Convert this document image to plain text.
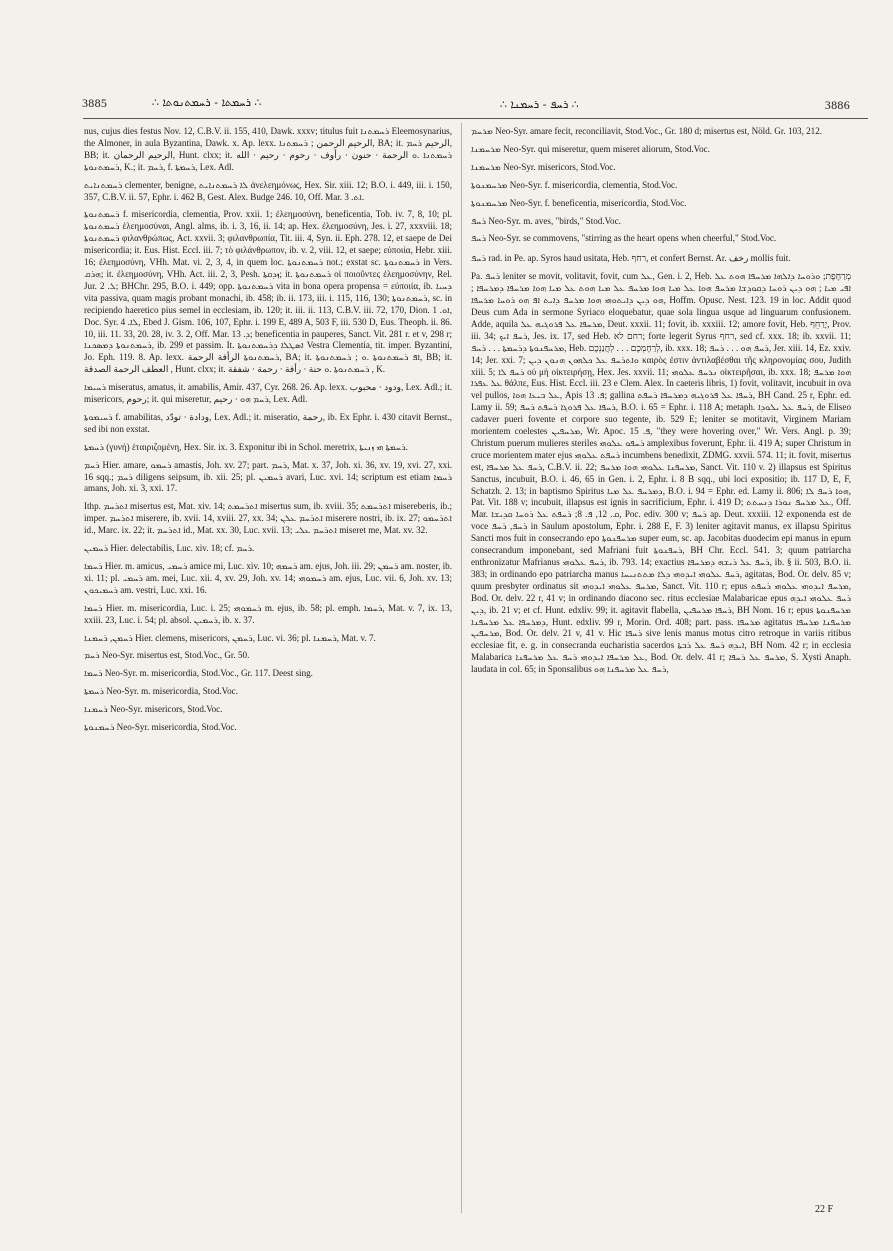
3885	∴ ܪܚܡܬܐ - ܪܚܡܬܢܘܬܐ ∴	∴ ܪܚܦ - ܪܚܡܢܐ ∴	3886

nus, cujus dies festus Nov. 12, C.B.V. ii. 155, 410, Dawk. xxxv; titulus fuit ܪܚܡܬܢܐ Eleemosynarius, the Almoner, in aula Byzantina, Dawk. x. Ap. lexx. الرحيم الرحمن ; ܪܚܡܬܢܐ, BA; it. الرحيم ܪܚܡ, BB; it. الرحيم الرحمان, Hunt. clxx; it. ܪܚܡܬܢܐ .ܘ الرحمة · حنون · رأوف · رحوم · رحيم · الله ܪܚܡܬܢܘܬܐ, K.; it. ܪܚܡ, f. ܪܚܡܬܐ, Lex. Adl.

ܪܚܡܬܢܐܝܬ clementer, benigne, ܠܐ ܪܚܡܬܢܐܝܬ ἀνελεημόνως, Hex. Sir. xiii. 12; B.O. i. 449, iii. i. 150, 357, C.B.V. ii. 57, Ephr. i. 462 B, Gest. Alex. Budge 246. 10, Off. Mar. ܐܬ. 3.

ܪܚܡܬܢܘܬܐ f. misericordia, clementia, Prov. xxii. 1; ἐλεημοσύνη, beneficentia, Tob. iv. 7, 8, 10; pl. ܪܚܡܬܢܘܬܐ ἐλεημοσύναι, Angl. alms, ib. i. 3, 16, ii. 14; ap. Hex. ἐλεημοσύνη, Jes. i. 27, xxxviii. 18; ܪܚܡܬܢܘܬܐ φιλανθρώπως, Act. xxvii. 3; φιλανθρωπία, Tit. iii. 4, Syn. ii. Eph. 278. 12, et saepe de Dei misericordia; it. Eus. Hist. Eccl. iii. 7; τὸ φιλάνθρωπον, ib. v. 2, viii. 12, et saepe; εὐποιία, Hebr. xiii. 16; ἐλεημοσύνη, VHh. Mat. vi. 2, 3, 4, in quem loc. ܪܚܡܬܢܘܬܐ not.; exstat sc. ܪܚܡܬܢܘܬܐ in Vers. ܗܪܩ; it. ἐλεημοσύνη, VHh. Act. iii. 2, 3, Pesh. ܙܕܩܬܐ; it. ܪܚܡܬܢܘܬܐ οἱ ποιοῦντες ἐλεημοσύνην, Rel. Jur. ܠ. 2; BHChr. 295, B.O. i. 449; opp. ܪܚܡܬܢܘܬܐ vita in bona opera propensa = εὐποιία, ib. ܕܚܝܐ vita passiva, quam magis probant monachi, ib. 458; ib. ii. 173, iii. i. 115, 116, 130; ܪܚܡܬܢܘܬܐ, sc. in recipiendo haeretico pius semel in ecclesiam, ib. 120; it. iii. ii. 113, C.B.V. iii. 72, 170, Dion. ܐܘ. 1, Doc. Syr. ܠܐ. 4, Ebed J. Gism. 106, 107, Ephr. i. 199 E, 489 A, 503 F, iii. 530 D, Eus. Theoph. ii. 86. 10, iii. 11. 33, 20. 28, iv. 3. 2, Off. Mar. ܕ. 13; beneficentia in pauperes, Sanct. Vit. 281 r. et v, 298 r; ܪܚܡܬܢܘܬܐ ܕܡܣܟܢܐ, ib. 299 et passim. It. ܐܣܛܠܐ ܕܪܚܡܬܢܘܬܐ Vestra Clementia, tit. imper. Byzantini, Jo. Eph. 119. 8. Ap. lexx. ܪܚܡܬܢܘܬܐ الرأفة الرحمة, BA; it. ܐܦ ܪܚܡܬܢܘܬܐ .ܘ ; ܪܚܡܬܢܘܬܐ, BB; it. العطف الرحمة الصدقة , Hunt. clxx; it. ܪܚܡܬܢܘܬܐ .ܘ حنة · رأفة · رحمة · شفقة , K.

ܪܚܝܡܐ miseratus, amatus, it. amabilis, Amir. 437, Cyr. 268. 26. Ap. lexx. ودود · محبوب, Lex. Adl.; it. misericors, رحوم; it. qui miseretur, ܪܚܡ ܗܘ · رحيم, Lex. Adl.

ܪܚܝܡܘܬܐ f. amabilitas, ودادة · تودّد, Lex. Adl.; it. miseratio, رحمة, ib. Ex Ephr. i. 430 citavit Bernst., sed ibi non exstat.

ܪܚܡܬܐ (γυνή) ἑταιριζομένη, Hex. Sir. ix. 3. Exponitur ibi in Schol. meretrix, ܪܚܡܬܐ ܗܝ ܙܢܝܬܐ.

ܪܚܡ Hier. amare, ܪܚܡܘ amastis, Joh. xv. 27; part. ܪܚܡ, Mat. x. 37, Joh. xi. 36, xv. 19, xvi. 27, xxi. 16 sqq.; ܪܚܡ diligens seipsum, ib. xii. 25; pl. ܪܚܡܝܢ avari, Luc. xvi. 14; scriptum est etiam ܪܚܡܐ amans, Joh. xi. 3, xxi. 17.

Ithp. ܐܬܪܚܡ misertus est, Mat. xiv. 14; ܐܬܪܚܡܬ misertus sum, ib. xviii. 35; ܐܬܪܚܡܬ misereberis, ib.; imper. ܐܬܪܚܡ miserere, ib. xvii. 14, xviii. 27, xx. 34; ܐܬܪܚܡ ܥܠܢ miserere nostri, ib. ix. 27; ܐܬܪܚܡܘ id., Marc. ix. 22; it. ܐܬܪܚܡ id., Mat. xx. 30, Luc. xvii. 13; ܐܬܪܚܡ ܥܠܝ miseret me, Mat. xv. 32.

ܪܚܡܝܢ Hier. delectabilis, Luc. xiv. 18; cf. ܪܚܡ.

ܪܚܡܐ Hier. m. amicus, ܪܚܡܝ amice mi, Luc. xiv. 10; ܪܚܡܗ am. ejus, Joh. iii. 29; ܪܚܡܢ am. noster, ib. xi. 11; pl. ܪܚܡܝ am. mei, Luc. xii. 4, xv. 29, Joh. xv. 14; ܪܚܡܘܗܝ am. ejus, Luc. vii. 6, Joh. xv. 13; ܪܚܡܝܟܘܢ am. vestri, Luc. xxi. 16.

ܪܚܡܐ Hier. m. misericordia, Luc. i. 25; ܪܚܡܘܗܝ m. ejus, ib. 58; pl. emph. ܪܚܡܐ, Mat. v. 7, ix. 13, xxiii. 23, Luc. i. 54; pl. absol. ܪܚܡܝܢ, ib. x. 37.

ܪܚܡܢ, ܪܚܡܢܐ Hier. clemens, misericors, ܪܚܡܢ, Luc. vi. 36; pl. ܪܚܡܢܐ, Mat. v. 7.

ܪܚܡ Neo-Syr. misertus est, Stod.Voc., Gr. 50.

ܪܚܡܐ Neo-Syr. m. misericordia, Stod.Voc., Gr. 117. Deest sing.

ܪܚܡܬܐ Neo-Syr. m. misericordia, Stod.Voc.

ܪܚܡܢܐ Neo-Syr. misericors, Stod.Voc.

ܪܚܡܢܘܬܐ Neo-Syr. misericordia, Stod.Voc.

ܡܪܚܡ Neo-Syr. amare fecit, reconciliavit, Stod.Voc., Gr. 180 d; misertus est, Nöld. Gr. 103, 212.

ܡܪܚܡܢܐ Neo-Syr. qui miseretur, quem miseret aliorum, Stod.Voc.

ܡܪܚܡܢܐ Neo-Syr. misericors, Stod.Voc.

ܡܪܚܡܢܘܬܐ Neo-Syr. f. misericordia, clementia, Stod.Voc.

ܡܪܚܡܢܘܬܐ Neo-Syr. f. beneficentia, misericordia, Stod.Voc.

ܪܚܦ Neo-Syr. m. aves, "birds," Stod.Voc.

ܪܚܦ Neo-Syr. se commovens, "stirring as the heart opens when cheerful," Stod.Voc.

ܪܚܦ rad. in Pe. ap. Syros haud usitata, Heb. רחף, et confert Bernst. Ar. رخف mollis fuit.

Pa. ܪܚܦ leniter se movit, volitavit, fovit, cum ܥܠ, Gen. i. 2, Heb. מְרַחֶפֶת; ܘܪܘܚܐ ܕܐܠܗܐ ܡܪܚܦܐ ܗܘܬ ܥܠ ܐܦܝ ܡܝܐ ; ܗܘ ܕܝܢ ܪܘܚܐ ܕܩܘܕܫܐ ܡܪܚܦ ܗܘܐ ܥܠ ܡܝܐ ܗܘܐ ܡܪܚܦ ܥܠ ܡܝܐ ܗܘܬ ܥܠ ܡܝܐ ܗܘܐ ܡܪܚܦܐ ܕܡܪܚܦܐ ; ܗܘ ܕܝܢ ܕܐܝܬܘܗܝ ܗܘܐ ܡܪܚܦ ܕܐܝܬ ܐܦ ܗܘ ܪܘܚܐ ܡܪܚܦܐ, Hoffm. Opusc. Nest. 123. 19 in loc. Addit quod Deus cum Ada in sermone Syriaco eloquebatur, quae sola lingua usque ad linguarum confusionem. Adde, aquila ܡܪܚܦܐ ܥܠ ܦܪܘܓܝܗ ܥܠ, Deut. xxxii. 11; fovit, ib. xxxiii. 12; amore fovit, Heb. יָרַחֵף, Prov. iii. 34; ܪܚܦ ܐܝܟ, Jes. ix. 17, sed Heb. רחם לא; forte legerit Syrus רחף, sed cf. xxx. 18; ib. xxvii. 11; ܡܪܚܦܢܘܬܐ ܕܪܚܡܬܐ . . . ܪܚܦ, Heb. לְרַחֶמְכֶם . . . לְחֲנַנְכֶם, ib. xxx. 18; ܪܚܦ ܗܘ . . . ܪܚܦ, Jer. xiii. 14, Ez. xxiv. 14; Jer. xxi. 7; ܘܐܬܪܚܦ ܥܠ ܟܠܗܘܢ ܗܢܘܢ ܕܝܢ καιρὸς ἐστιν ἀντιλαβέσθαι τῆς κληρονομίας σου, Judith xiii. 5; ܪܚܦ ܠܐ οὐ μὴ οἰκτειρήσῃ, Hex. Jes. xxvii. 11; ܢܪܚܦ ܥܠܘܗܝ οἰκτειρῆσαι, ib. xxx. 18; ܗܘܐ ܡܪܚܦ ܥܠ ܥܦܪܐ θάλπε, Eus. Hist. Eccl. iii. 23 e Clem. Alex. In caeteris libris, 1) fovit, volitavit, incubuit in ova vel pullos, ܥܠ ܒܝܥܐ ܗܘܐ, Apis ܦ. 13; gallina ܪܚܦܐ ܥܠ ܦܪܘܓܝܗ ܕܡܪܚܦܐ ܪܚܦܬ, BH Cand. 25 r, Ephr. ed. Lamy ii. 59; ܪܚܦܐ ܥܠ ܦܪܘܓܐ ܪܚܦܬ ܪܚܦ, B.O. i. 65 = Ephr. i. 118 A; metaph. ܪܚܦ ܥܠ ܝܠܘܕܐ, de Eliseo cadaver pueri fovente et corpore suo tegente, ib. 529 E; leniter se motitavit, Virginem Mariam morientem coelestes ܡܪܚܦܝܢ, Wr. Apoc. ܦ. 15, "they were hovering over," Wr. Vers. Angl. p. 39; Christum puerum mulieres steriles ܪܚܦܘ ܥܠܘܗܝ amplexibus foverunt, Ephr. ii. 419 A; super Christum in cruce morientem mater ejus ܪܚܦܬ ܥܠܘܗܝ incumbens benedixit, ZDMG. xxvii. 574. 11; it. fovit, misertus est, ܪܚܦ ܥܠ ܡܪܚܦܐ, C.B.V. ii. 22; ܡܪܚܦܢܐ ܥܠܘܗܝ ܗܘܐ ܡܪܚܦ, Sanct. Vit. 110 v. 2) illapsus est Spiritus Sanctus, incubuit, B.O. i. 46, 65 in Gen. i. 2, Ephr. i. 8 B sqq., ubi loci expositio; ib. 117 D, E, F, Schatzh. 2. 13; in baptismo Spiritus ܕܡܪܚܦ ܥܠ ܡܝܐ, B.O. i. 94 = Ephr. ed. Lamy ii. 806; ܗܘܐ ܪܚܦ ܠܐ, Pat. Vit. 188 v; incubuit, illapsus est ignis in sacrificium, Ephr. i. 419 D; ܥܠ ܡܪܚܦ ܢܘܪܐ ܕܢܚܬܬ, Off. Mar. ܩ. 12, ܦ. 8; ܪܚܦܬ ܥܠ ܪܘܚܐ ܩܕܝܫܐ, Poc. ediv. 300 v; ܪܚܦ ap. Deut. xxxiii. 12 exponenda est de voce ܪܚܦ, ܪܚܦ in Saulum apostolum, Ephr. i. 288 E, F. 3) leniter agitavit manus, ex illapsu Spiritus Sancti mos fuit in consecrando epo ܡܪܚܦܢܘܬܐ super eum, sc. ap. Jacobitas duodecim epi manus in epum consecrandum imponebant, sed Mafriani fuit ܪܚܦܢܘܬܐ, BH Chr. Eccl. 541. 3; quum patriarcha enthronizatur Mafrianus ܪܚܦ ܥܠܘܗܝ, ib. 793. 14; exactius ܪܚܦ ܥܠ ܪܝܫܗ ܕܡܪܚܦܐ, ib. § ii. 503, B.O. ii. 383; in ordinando epo patriarcha manus ܪܚܦ ܥܠܘܗܝ ܐܝܕܘܗܝ ܕܠܐ ܡܬܬܢܝܚܐ, agitatas, Bod. Or. delv. 85 v; quum presbyter ordinatus sit ܡܪܚܦ ܥܠܘܗܝ ܐܝܕܘܗܝ, Sanct. Vit. 110 r; epus ܡܪܚܦ ܐܝܕܘܗܝ ܥܠܘܗܝ ܪܚܦܬ, Bod. Or. delv. 22 r, 41 v; in ordinando diacono sec. ritus ecclesiae Malabaricae epus ܪܚܦ ܥܠܘܗܝ ܐܝܕܗ ܕܝܢ, ib. 21 v; et cf. Hunt. edxliv. 99; it. agitavit flabella, ܪܚܦܐ ܡܪܚܦܝܢ, BH Nom. 16 r; epus ܡܪܚܦܢܘܬܐ ܕܡܪܚܦܐ ܥܠ ܡܪܚܦܢܐ, Hunt. edxliv. 99 r, Morin. Ord. 408; part. pass. ܡܪܚܦܐ agitatus ܡܪܚܦܢܐ ܡܪܚܦܐ ܡܪܚܦܝܢ, Bod. Or. delv. 21 v, 41 v. Hic ܪܚܦܐ sive lenis manus motus citro retroque in variis ritibus ecclesiae fit, e. g. in consecranda eucharistia sacerdos ܐܝܕܗ ܪܚܦ ܥܠ ܪܒܬܐ, BH Nom. 42 r; in ecclesia Malabarica ܥܠ ܡܪܚܦܐ ܐܝܕܘܗܝ ܪܚܦ ܥܠ ܡܪܚܦܢܐ, Bod. Or. delv. 41 r; ܡܪܚܦ ܥܠ ܪܚܦܐ, S. Xysti Anaph. laudata in col. 65; in Sponsalibus ܪܚܦ ܥܠ ܡܪܚܦܢܐ ܗܘ,

22 F
